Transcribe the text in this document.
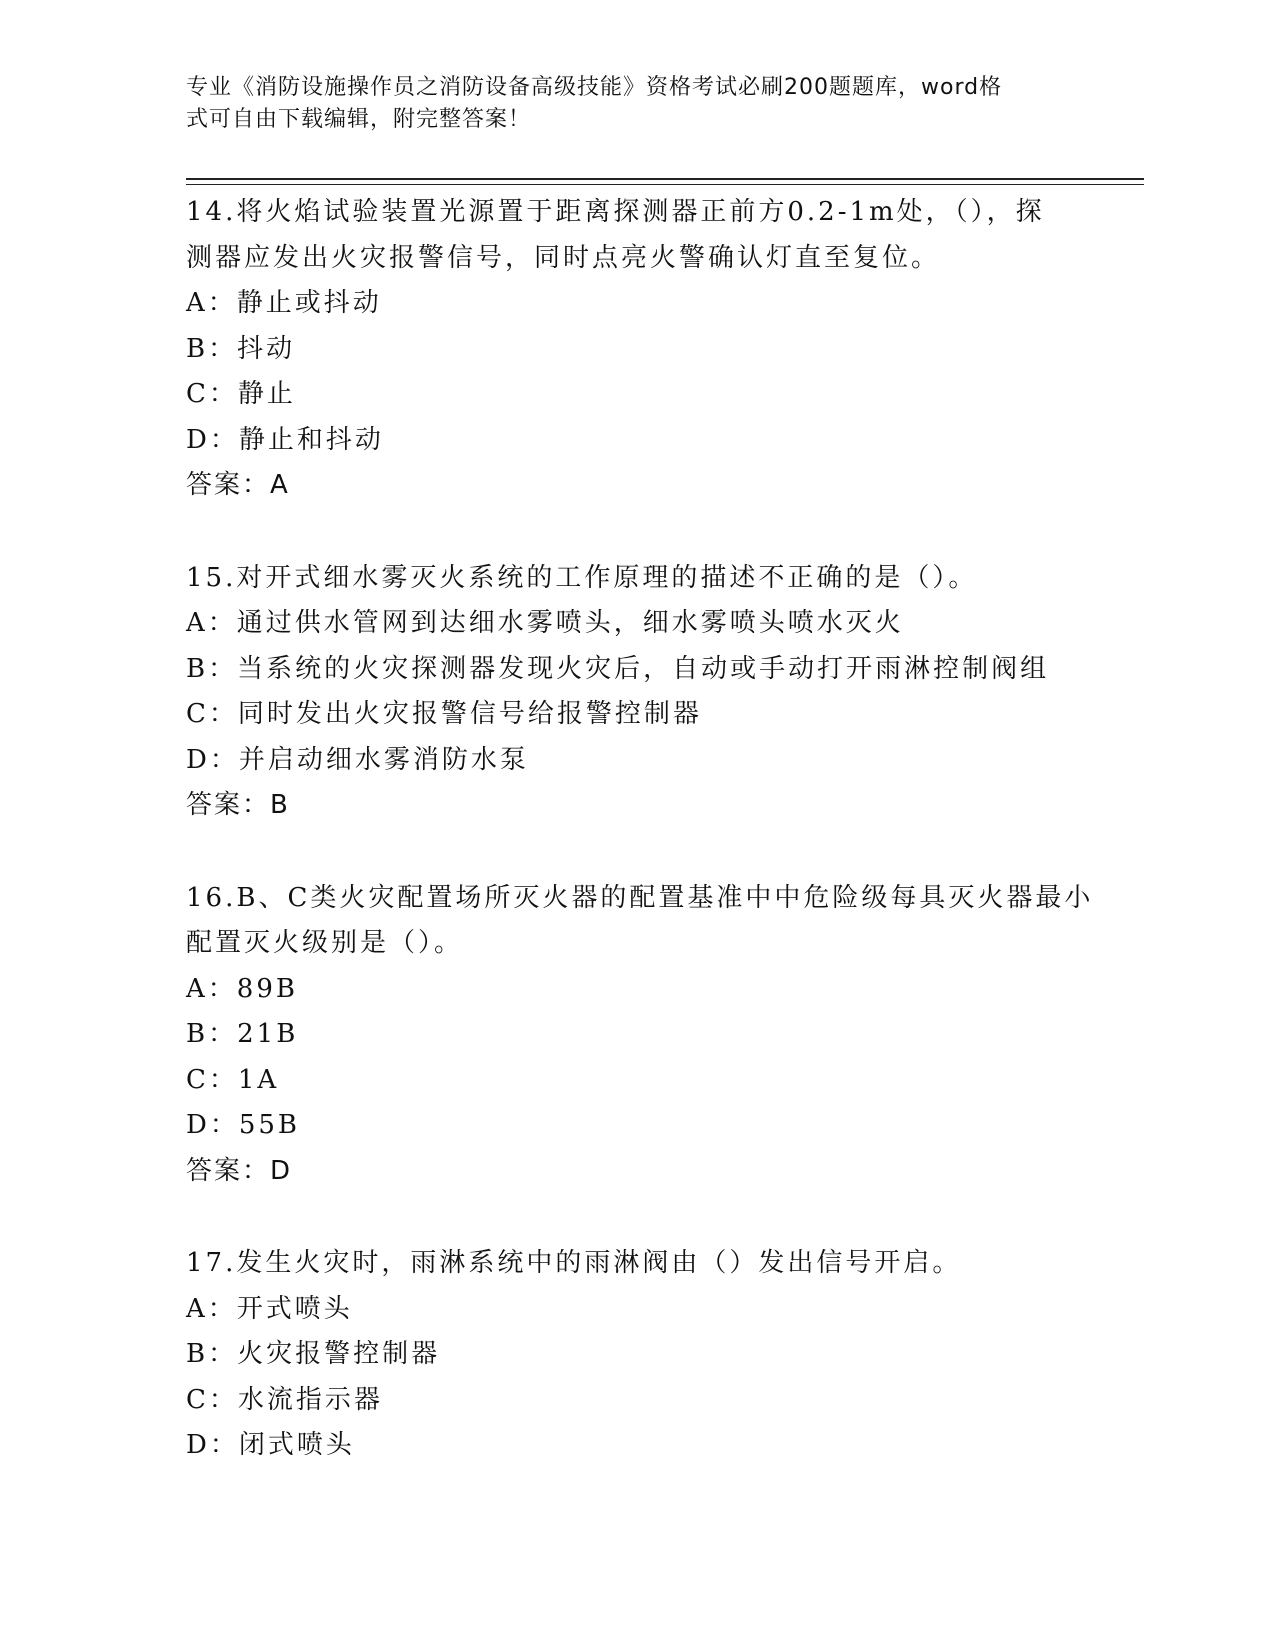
专业《消防设施操作员之消防设备高级技能》资格考试必刷200题题库，word格
式可自由下载编辑，附完整答案！
14.将火焰试验装置光源置于距离探测器正前方0.2-1m处，（），探
测器应发出火灾报警信号，同时点亮火警确认灯直至复位。
A：静止或抖动
B：抖动
C：静止
D：静止和抖动
答案：A
15.对开式细水雾灭火系统的工作原理的描述不正确的是（）。
A：通过供水管网到达细水雾喷头，细水雾喷头喷水灭火
B：当系统的火灾探测器发现火灾后，自动或手动打开雨淋控制阀组
C：同时发出火灾报警信号给报警控制器
D：并启动细水雾消防水泵
答案：B
16.B、C类火灾配置场所灭火器的配置基准中中危险级每具灭火器最小
配置灭火级别是（）。
A：89B
B：21B
C：1A
D：55B
答案：D
17.发生火灾时，雨淋系统中的雨淋阀由（）发出信号开启。
A：开式喷头
B：火灾报警控制器
C：水流指示器
D：闭式喷头
